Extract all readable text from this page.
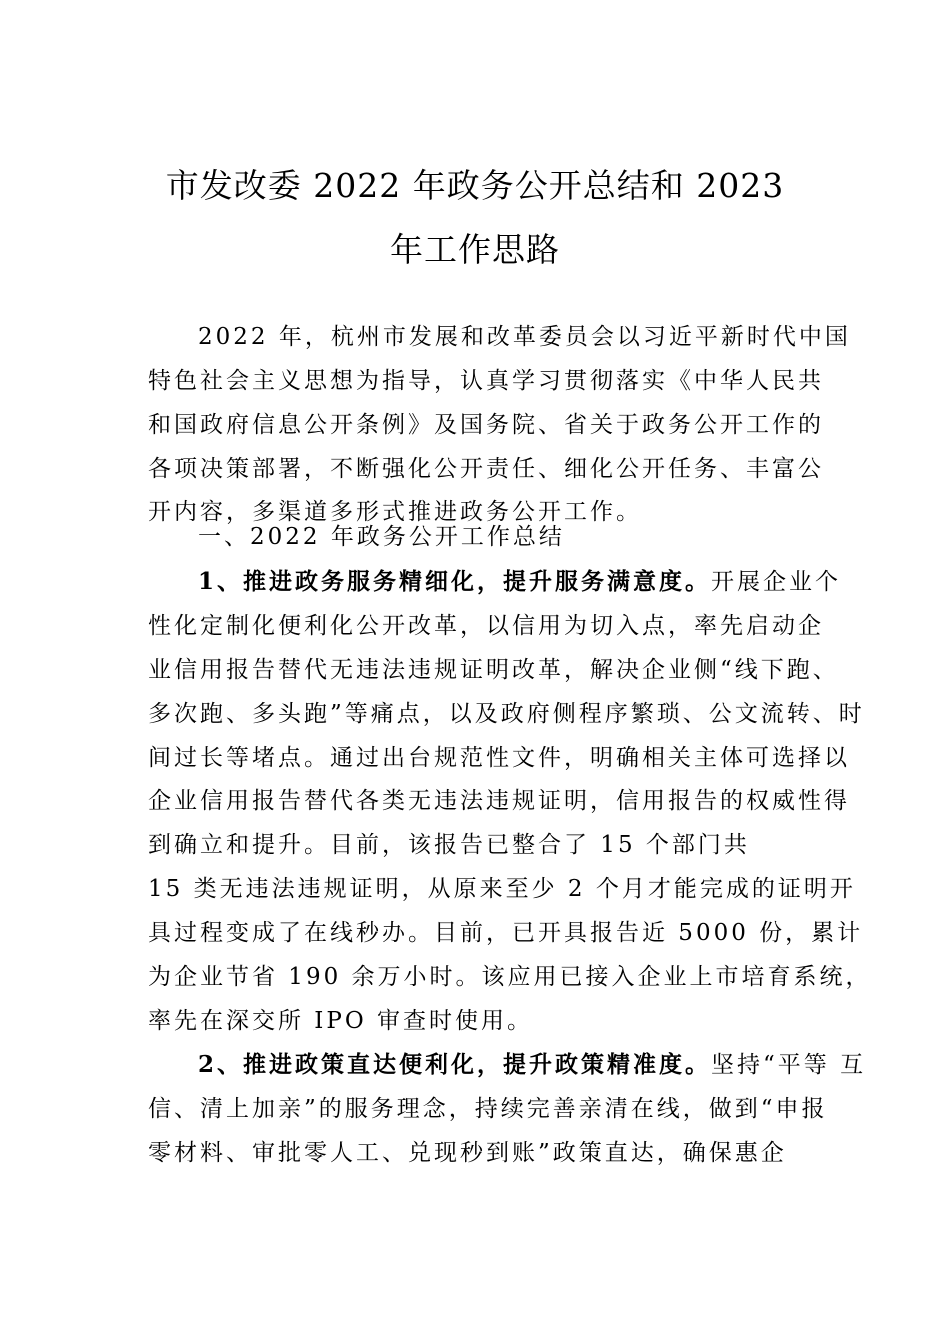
市发改委 2022 年政务公开总结和 2023
年工作思路
2022 年，杭州市发展和改革委员会以习近平新时代中国
特色社会主义思想为指导，认真学习贯彻落实《中华人民共
和国政府信息公开条例》及国务院、省关于政务公开工作的
各项决策部署，不断强化公开责任、细化公开任务、丰富公
开内容，多渠道多形式推进政务公开工作。
一、2022 年政务公开工作总结
1、推进政务服务精细化，提升服务满意度。开展企业个
性化定制化便利化公开改革，以信用为切入点，率先启动企
业信用报告替代无违法违规证明改革，解决企业侧“线下跑、
多次跑、多头跑”等痛点，以及政府侧程序繁琐、公文流转、时
间过长等堵点。通过出台规范性文件，明确相关主体可选择以
企业信用报告替代各类无违法违规证明，信用报告的权威性得
到确立和提升。目前，该报告已整合了 15 个部门共
15 类无违法违规证明，从原来至少 2 个月才能完成的证明开
具过程变成了在线秒办。目前，已开具报告近 5000 份，累计
为企业节省 190 余万小时。该应用已接入企业上市培育系统，
率先在深交所 IPO 审查时使用。
2、推进政策直达便利化，提升政策精准度。坚持“平等 互
信、清上加亲”的服务理念，持续完善亲清在线，做到“申报
零材料、审批零人工、兑现秒到账”政策直达，确保惠企
